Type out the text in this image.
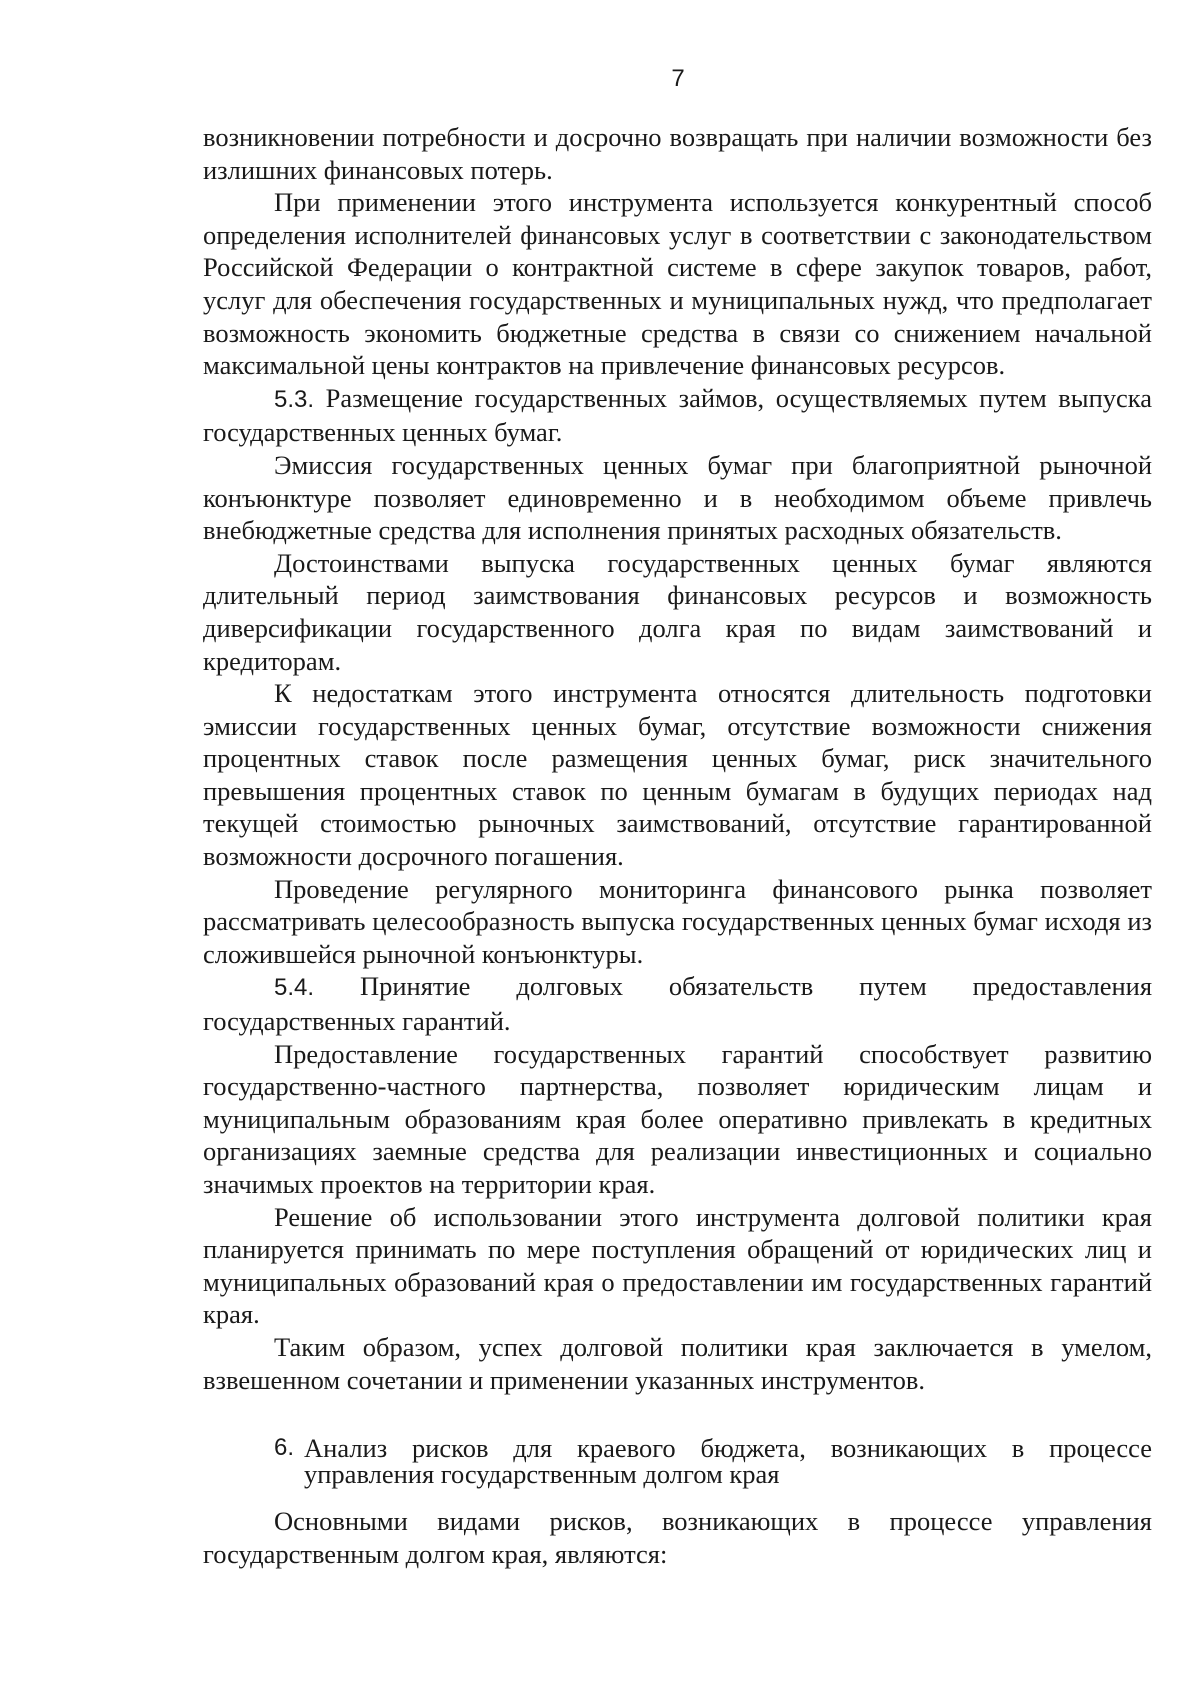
7

возникновении потребности и досрочно возвращать при наличии возможности без излишних финансовых потерь.

При применении этого инструмента используется конкурентный способ определения исполнителей финансовых услуг в соответствии с законодательством Российской Федерации о контрактной системе в сфере закупок товаров, работ, услуг для обеспечения государственных и муниципальных нужд, что предполагает возможность экономить бюджетные средства в связи со снижением начальной максимальной цены контрактов на привлечение финансовых ресурсов.

5.3. Размещение государственных займов, осуществляемых путем выпуска государственных ценных бумаг.

Эмиссия государственных ценных бумаг при благоприятной рыночной конъюнктуре позволяет единовременно и в необходимом объеме привлечь внебюджетные средства для исполнения принятых расходных обязательств.

Достоинствами выпуска государственных ценных бумаг являются длительный период заимствования финансовых ресурсов и возможность диверсификации государственного долга края по видам заимствований и кредиторам.

К недостаткам этого инструмента относятся длительность подготовки эмиссии государственных ценных бумаг, отсутствие возможности снижения процентных ставок после размещения ценных бумаг, риск значительного превышения процентных ставок по ценным бумагам в будущих периодах над текущей стоимостью рыночных заимствований, отсутствие гарантированной возможности досрочного погашения.

Проведение регулярного мониторинга финансового рынка позволяет рассматривать целесообразность выпуска государственных ценных бумаг исходя из сложившейся рыночной конъюнктуры.

5.4. Принятие долговых обязательств путем предоставления государственных гарантий.

Предоставление государственных гарантий способствует развитию государственно-частного партнерства, позволяет юридическим лицам и муниципальным образованиям края более оперативно привлекать в кредитных организациях заемные средства для реализации инвестиционных и социально значимых проектов на территории края.

Решение об использовании этого инструмента долговой политики края планируется принимать по мере поступления обращений от юридических лиц и муниципальных образований края о предоставлении им государственных гарантий края.

Таким образом, успех долговой политики края заключается в умелом, взвешенном сочетании и применении указанных инструментов.

6. Анализ рисков для краевого бюджета, возникающих в процессе управления государственным долгом края

Основными видами рисков, возникающих в процессе управления государственным долгом края, являются:
